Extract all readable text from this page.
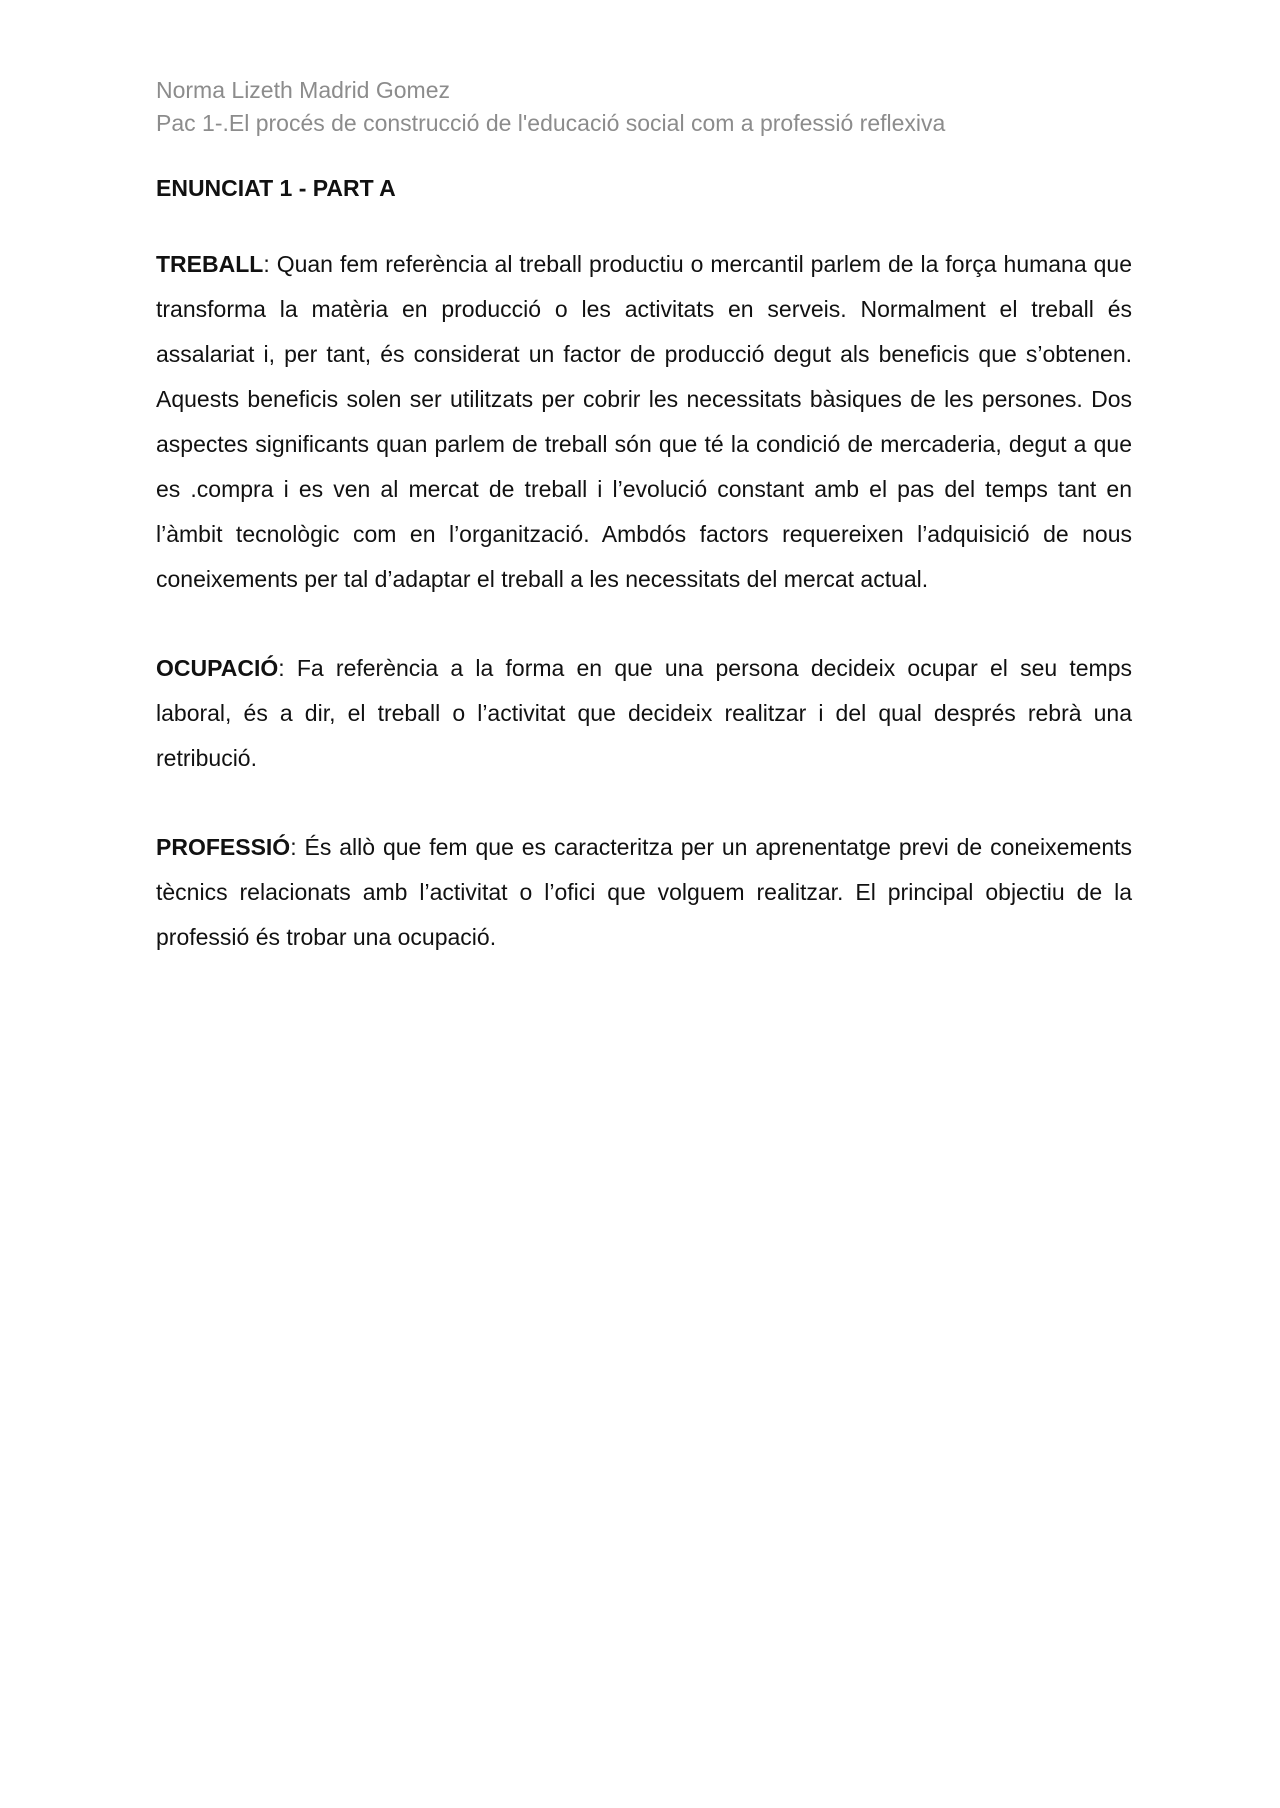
Norma Lizeth Madrid Gomez
Pac 1-.El procés de construcció de l'educació social com a professió reflexiva
ENUNCIAT 1 - PART A

TREBALL: Quan fem referència al treball productiu o mercantil parlem de la força humana que transforma la matèria en producció o les activitats en serveis. Normalment el treball és assalariat i, per tant, és considerat un factor de producció degut als beneficis que s’obtenen. Aquests beneficis solen ser utilitzats per cobrir les necessitats bàsiques de les persones. Dos aspectes significants quan parlem de treball són que té la condició de mercaderia, degut a que es .compra i es ven al mercat de treball i l’evolució constant amb el pas del temps tant en l’àmbit tecnològic com en l’organització. Ambdós factors requereixen l’adquisició de nous coneixements per tal d’adaptar el treball a les necessitats del mercat actual.

OCUPACIÓ: Fa referència a la forma en que una persona decideix ocupar el seu temps laboral, és a dir, el treball o l’activitat que decideix realitzar i del qual després rebrà una retribució.

PROFESSIÓ: És allò que fem que es caracteritza per un aprenentatge previ de coneixements tècnics relacionats amb l’activitat o l’ofici que volguem realitzar. El principal objectiu de la professió és trobar una ocupació.
